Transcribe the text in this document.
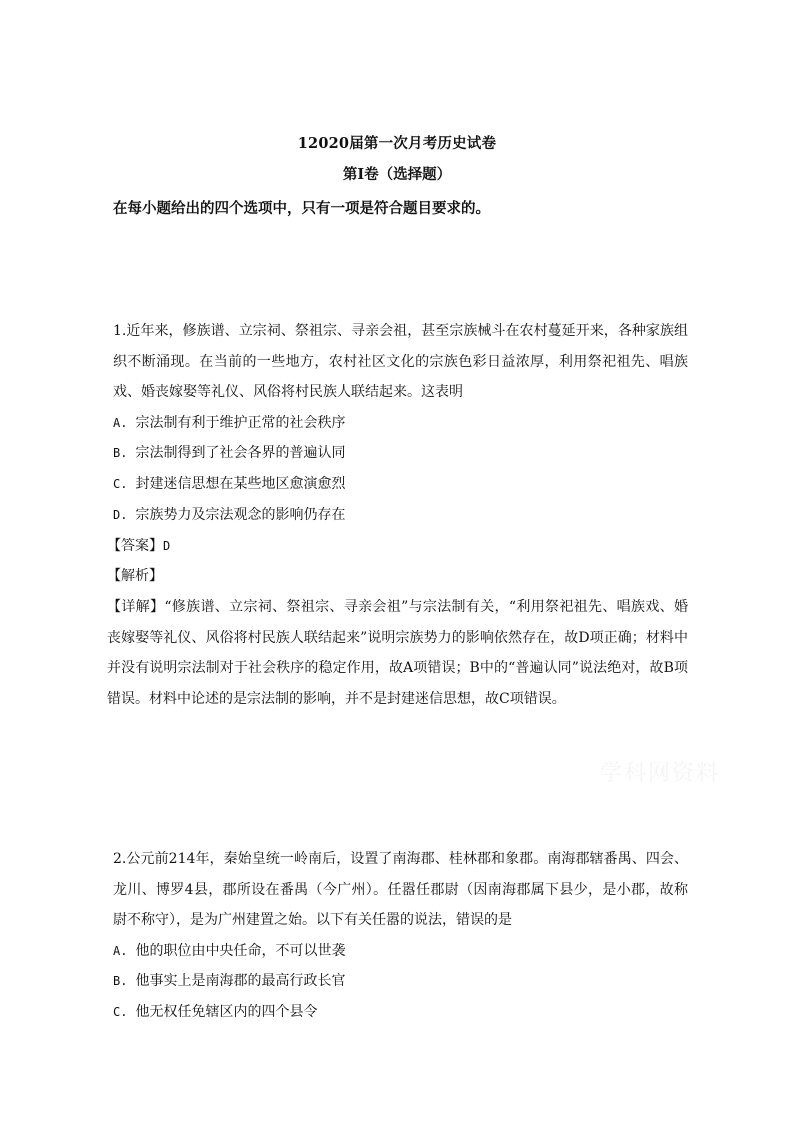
12020届第一次月考历史试卷
第Ⅰ卷（选择题）
在每小题给出的四个选项中，只有一项是符合题目要求的。

1.近年来，修族谱、立宗祠、祭祖宗、寻亲会祖，甚至宗族械斗在农村蔓延开来，各种家族组织不断涌现。在当前的一些地方，农村社区文化的宗族色彩日益浓厚，利用祭祀祖先、唱族戏、婚丧嫁娶等礼仪、风俗将村民族人联结起来。这表明

A. 宗法制有利于维护正常的社会秩序

B. 宗法制得到了社会各界的普遍认同

C. 封建迷信思想在某些地区愈演愈烈

D. 宗族势力及宗法观念的影响仍存在

【答案】D

【解析】

【详解】“修族谱、立宗祠、祭祖宗、寻亲会祖”与宗法制有关，“利用祭祀祖先、唱族戏、婚丧嫁娶等礼仪、风俗将村民族人联结起来”说明宗族势力的影响依然存在，故D项正确；材料中并没有说明宗法制对于社会秩序的稳定作用，故A项错误；B中的“普遍认同”说法绝对，故B项错误。材料中论述的是宗法制的影响，并不是封建迷信思想，故C项错误。

学科网资料

2.公元前214年，秦始皇统一岭南后，设置了南海郡、桂林郡和象郡。南海郡辖番禺、四会、龙川、博罗4县，郡所设在番禺（今广州）。任嚣任郡尉（因南海郡属下县少，是小郡，故称尉不称守），是为广州建置之始。以下有关任嚣的说法，错误的是

A. 他的职位由中央任命，不可以世袭

B. 他事实上是南海郡的最高行政长官

C. 他无权任免辖区内的四个县令
